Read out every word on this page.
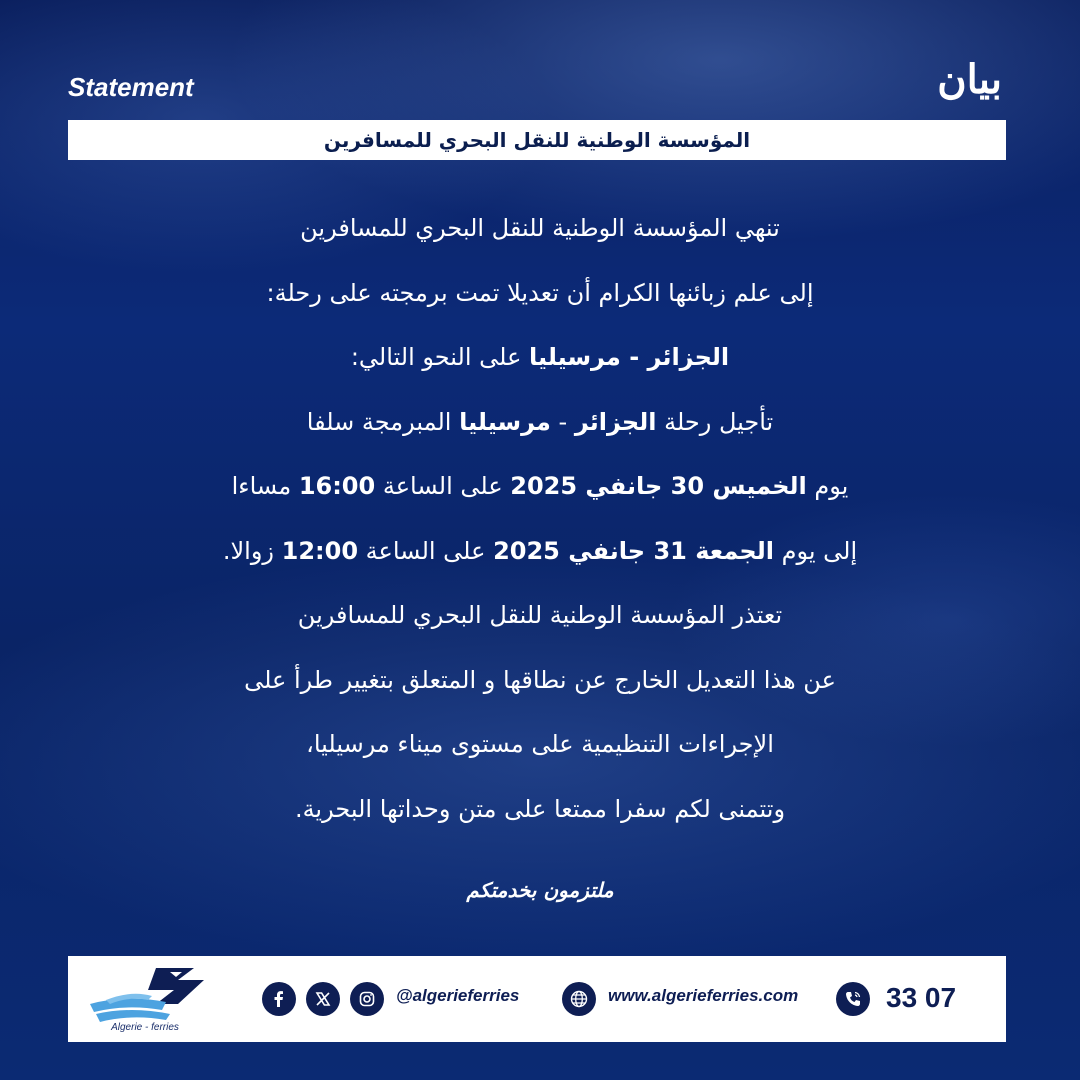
Statement	بيان
المؤسسة الوطنية للنقل البحري للمسافرين
تنهي المؤسسة الوطنية للنقل البحري للمسافرين
إلى علم زبائنها الكرام أن تعديلا تمت برمجته على رحلة:
الجزائر - مرسيليا على النحو التالي:
تأجيل رحلة الجزائر - مرسيليا المبرمجة سلفا
يوم الخميس 30 جانفي 2025 على الساعة 16:00 مساءا
إلى يوم الجمعة 31 جانفي 2025 على الساعة 12:00 زوالا.
تعتذر المؤسسة الوطنية للنقل البحري للمسافرين
عن هذا التعديل الخارج عن نطاقها و المتعلق بتغيير طرأ على
الإجراءات التنظيمية على مستوى ميناء مرسيليا،
وتتمنى لكم سفرا ممتعا على متن وحداتها البحرية.
ملتزمون بخدمتكم
Algerie - ferries
@algerieferries	www.algerieferries.com	33 07
